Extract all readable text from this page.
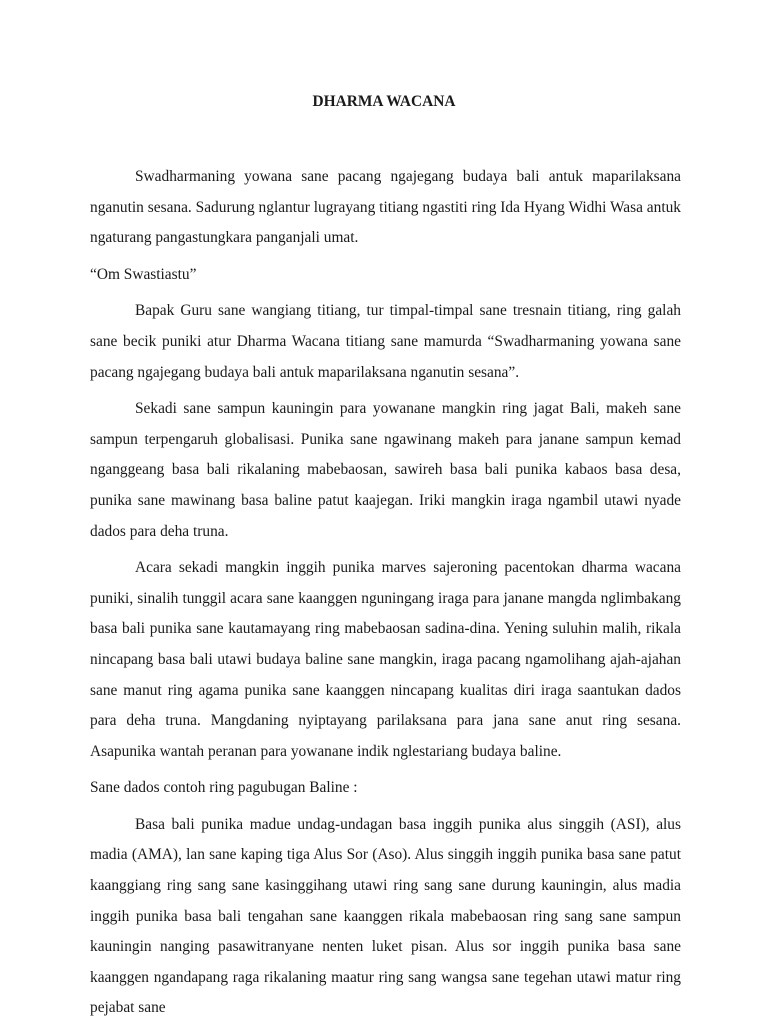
DHARMA WACANA

Swadharmaning yowana sane pacang ngajegang budaya bali antuk maparilaksana nganutin sesana. Sadurung nglantur lugrayang titiang ngastiti ring Ida Hyang Widhi Wasa antuk ngaturang pangastungkara panganjali umat.

“Om Swastiastu”

Bapak Guru sane wangiang titiang, tur timpal-timpal sane tresnain titiang, ring galah sane becik puniki atur Dharma Wacana titiang sane mamurda “Swadharmaning yowana sane pacang ngajegang budaya bali antuk maparilaksana nganutin sesana”.

Sekadi sane sampun kauningin para yowanane mangkin ring jagat Bali, makeh sane sampun terpengaruh globalisasi. Punika sane ngawinang makeh para janane sampun kemad nganggeang basa bali rikalaning mabebaosan, sawireh basa bali punika kabaos basa desa, punika sane mawinang basa baline patut kaajegan. Iriki mangkin iraga ngambil utawi nyade dados para deha truna.

Acara sekadi mangkin inggih punika marves sajeroning pacentokan dharma wacana puniki, sinalih tunggil acara sane kaanggen nguningang iraga para janane mangda nglimbakang basa bali punika sane kautamayang ring mabebaosan sadina-dina. Yening suluhin malih, rikala nincapang basa bali utawi budaya baline sane mangkin, iraga pacang ngamolihang ajah-ajahan sane manut ring agama punika sane kaanggen nincapang kualitas diri iraga saantukan dados para deha truna. Mangdaning nyiptayang parilaksana para jana sane anut ring sesana. Asapunika wantah peranan para yowanane indik nglestariang budaya baline.

Sane dados contoh ring pagubugan Baline :

Basa bali punika madue undag-undagan basa inggih punika alus singgih (ASI), alus madia (AMA), lan sane kaping tiga Alus Sor (Aso). Alus singgih inggih punika basa sane patut kaanggiang ring sang sane kasinggihang utawi ring sang sane durung kauningin, alus madia inggih punika basa bali tengahan sane kaanggen rikala mabebaosan ring sang sane sampun kauningin nanging pasawitranyane nenten luket pisan. Alus sor inggih punika basa sane kaanggen ngandapang raga rikalaning maatur ring sang wangsa sane tegehan utawi matur ring pejabat sane
